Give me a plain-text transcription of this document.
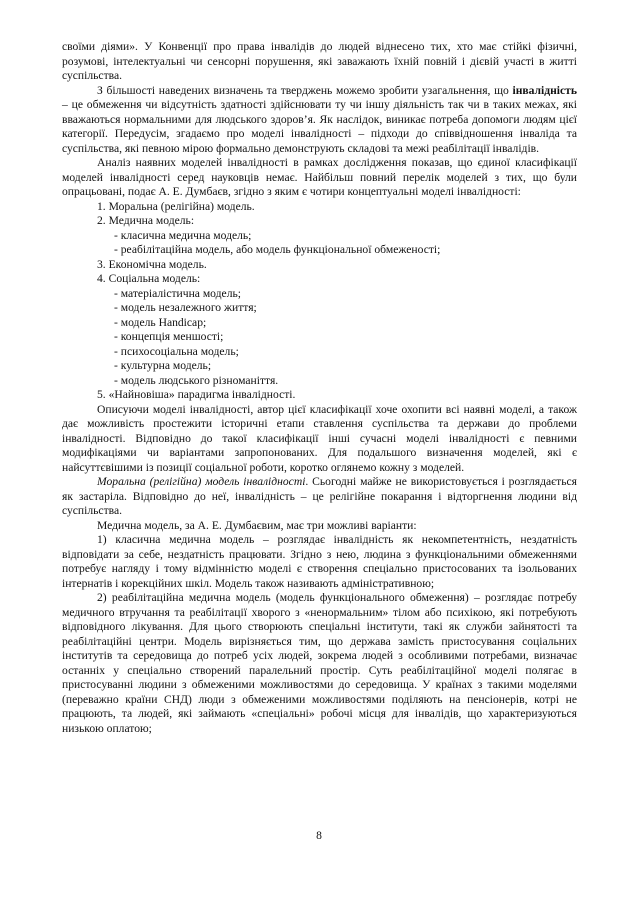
своїми діями». У Конвенції про права інвалідів до людей віднесено тих, хто має стійкі фізичні, розумові, інтелектуальні чи сенсорні порушення, які заважають їхній повній і дієвій участі в житті суспільства.

З більшості наведених визначень та тверджень можемо зробити узагальнення, що інвалідність – це обмеження чи відсутність здатності здійснювати ту чи іншу діяльність так чи в таких межах, які вважаються нормальними для людського здоров’я. Як наслідок, виникає потреба допомоги людям цієї категорії. Передусім, згадаємо про моделі інвалідності – підходи до співвідношення інваліда та суспільства, які певною мірою формально демонструють складові та межі реабілітації інвалідів.

Аналіз наявних моделей інвалідності в рамках дослідження показав, що єдиної класифікації моделей інвалідності серед науковців немає. Найбільш повний перелік моделей з тих, що були опрацьовані, подає А. Е. Думбаєв, згідно з яким є чотири концептуальні моделі інвалідності:

1. Моральна (релігійна) модель.

2. Медична модель:

- класична медична модель;

- реабілітаційна модель, або модель функціональної обмеженості;

3. Економічна модель.

4. Соціальна модель:

- матеріалістична модель;

- модель незалежного життя;

- модель Handicap;

- концепція меншості;

- психосоціальна модель;

- культурна модель;

- модель людського різноманіття.

5. «Найновіша» парадигма інвалідності.

Описуючи моделі інвалідності, автор цієї класифікації хоче охопити всі наявні моделі, а також дає можливість простежити історичні етапи ставлення суспільства та держави до проблеми інвалідності. Відповідно до такої класифікації інші сучасні моделі інвалідності є певними модифікаціями чи варіантами запропонованих. Для подальшого визначення моделей, які є найсуттєвішими із позиції соціальної роботи, коротко оглянемо кожну з моделей.

Моральна (релігійна) модель інвалідності. Сьогодні майже не використовується і розглядається як застаріла. Відповідно до неї, інвалідність – це релігійне покарання і відторгнення людини від суспільства.

Медична модель, за А. Е. Думбаєвим, має три можливі варіанти:

1) класична медична модель – розглядає інвалідність як некомпетентність, нездатність відповідати за себе, нездатність працювати. Згідно з нею, людина з функціональними обмеженнями потребує нагляду і тому відмінністю моделі є створення спеціально пристосованих та ізольованих інтернатів і корекційних шкіл. Модель також називають адміністративною;

2) реабілітаційна медична модель (модель функціонального обмеження) – розглядає потребу медичного втручання та реабілітації хворого з «ненормальним» тілом або психікою, які потребують відповідного лікування. Для цього створюють спеціальні інститути, такі як служби зайнятості та реабілітаційні центри. Модель вирізняється тим, що держава замість пристосування соціальних інститутів та середовища до потреб усіх людей, зокрема людей з особливими потребами, визначає останніх у спеціально створений паралельний простір. Суть реабілітаційної моделі полягає в пристосуванні людини з обмеженими можливостями до середовища. У країнах з такими моделями (переважно країни СНД) люди з обмеженими можливостями поділяють на пенсіонерів, котрі не працюють, та людей, які займають «спеціальні» робочі місця для інвалідів, що характеризуються низькою оплатою;

8
